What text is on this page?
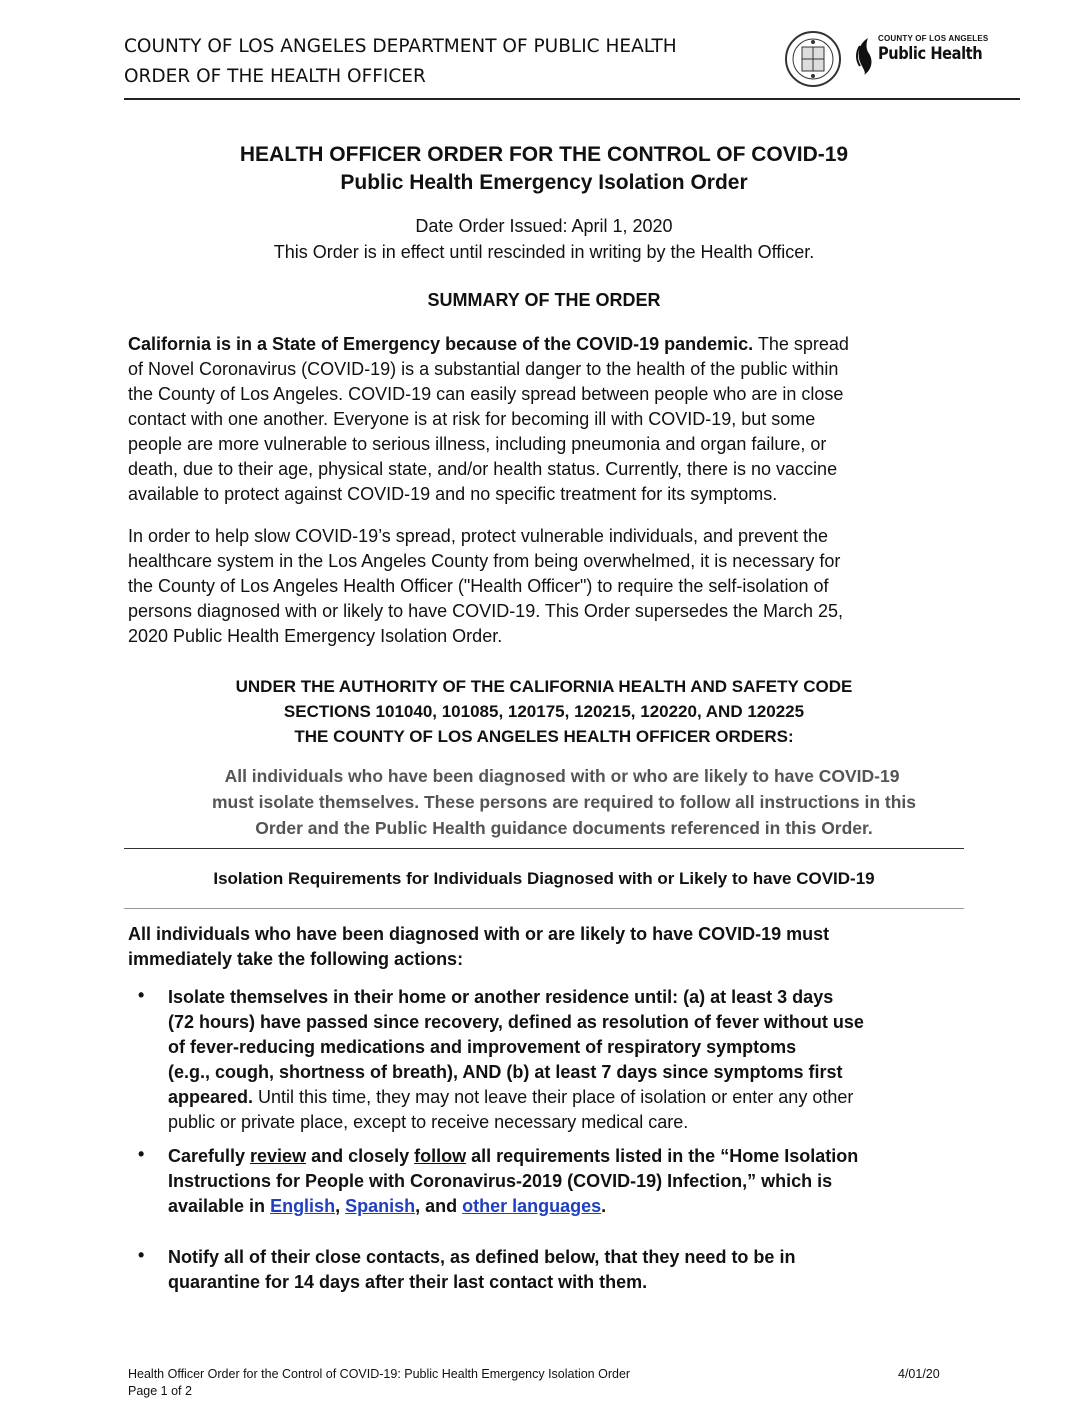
COUNTY OF LOS ANGELES DEPARTMENT OF PUBLIC HEALTH
ORDER OF THE HEALTH OFFICER
COUNTY OF LOS ANGELES
Public Health
HEALTH OFFICER ORDER FOR THE CONTROL OF COVID-19
Public Health Emergency Isolation Order
Date Order Issued: April 1, 2020
This Order is in effect until rescinded in writing by the Health Officer.
SUMMARY OF THE ORDER
California is in a State of Emergency because of the COVID-19 pandemic. The spread
of Novel Coronavirus (COVID-19) is a substantial danger to the health of the public within
the County of Los Angeles. COVID-19 can easily spread between people who are in close
contact with one another. Everyone is at risk for becoming ill with COVID-19, but some
people are more vulnerable to serious illness, including pneumonia and organ failure, or
death, due to their age, physical state, and/or health status. Currently, there is no vaccine
available to protect against COVID-19 and no specific treatment for its symptoms.
In order to help slow COVID-19’s spread, protect vulnerable individuals, and prevent the
healthcare system in the Los Angeles County from being overwhelmed, it is necessary for
the County of Los Angeles Health Officer ("Health Officer") to require the self-isolation of
persons diagnosed with or likely to have COVID-19. This Order supersedes the March 25,
2020 Public Health Emergency Isolation Order.
UNDER THE AUTHORITY OF THE CALIFORNIA HEALTH AND SAFETY CODE
SECTIONS 101040, 101085, 120175, 120215, 120220, AND 120225
THE COUNTY OF LOS ANGELES HEALTH OFFICER ORDERS:
All individuals who have been diagnosed with or who are likely to have COVID-19
must isolate themselves. These persons are required to follow all instructions in this
Order and the Public Health guidance documents referenced in this Order.
Isolation Requirements for Individuals Diagnosed with or Likely to have COVID-19
All individuals who have been diagnosed with or are likely to have COVID-19 must
immediately take the following actions:
• Isolate themselves in their home or another residence until: (a) at least 3 days
(72 hours) have passed since recovery, defined as resolution of fever without use
of fever-reducing medications and improvement of respiratory symptoms
(e.g., cough, shortness of breath), AND (b) at least 7 days since symptoms first
appeared. Until this time, they may not leave their place of isolation or enter any other
public or private place, except to receive necessary medical care.
• Carefully review and closely follow all requirements listed in the “Home Isolation
Instructions for People with Coronavirus-2019 (COVID-19) Infection,” which is
available in English, Spanish, and other languages.
• Notify all of their close contacts, as defined below, that they need to be in
quarantine for 14 days after their last contact with them.
Health Officer Order for the Control of COVID-19: Public Health Emergency Isolation Order	4/01/20
Page 1 of 2
